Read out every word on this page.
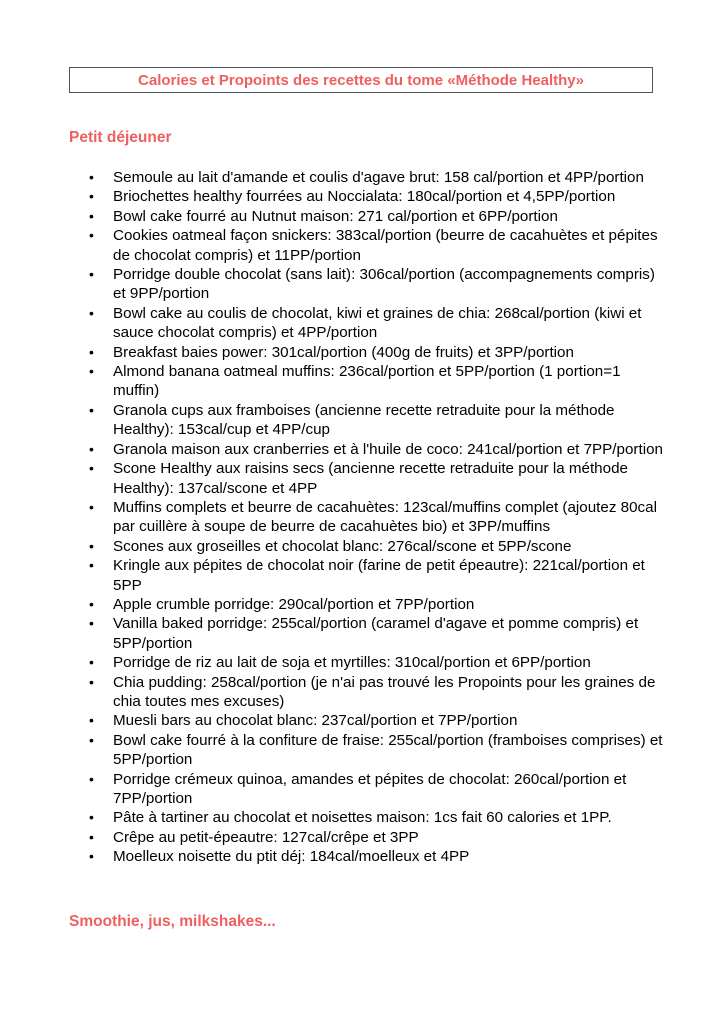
Calories et Propoints des recettes du tome «Méthode Healthy»
Petit déjeuner
• Semoule au lait d'amande et coulis d'agave brut: 158 cal/portion et 4PP/portion
• Briochettes healthy fourrées au Noccialata: 180cal/portion et 4,5PP/portion
• Bowl cake fourré au Nutnut maison: 271 cal/portion et 6PP/portion
• Cookies oatmeal façon snickers: 383cal/portion (beurre de cacahuètes et pépites de chocolat compris) et 11PP/portion
• Porridge double chocolat (sans lait): 306cal/portion (accompagnements compris) et 9PP/portion
• Bowl cake au coulis de chocolat, kiwi et graines de chia: 268cal/portion (kiwi et sauce chocolat compris) et 4PP/portion
• Breakfast baies power: 301cal/portion (400g de fruits) et 3PP/portion
• Almond banana oatmeal muffins: 236cal/portion et 5PP/portion (1 portion=1 muffin)
• Granola cups aux framboises (ancienne recette retraduite pour la méthode Healthy): 153cal/cup et 4PP/cup
• Granola maison aux cranberries et à l'huile de coco: 241cal/portion et 7PP/portion
• Scone Healthy aux raisins secs (ancienne recette retraduite pour la méthode Healthy): 137cal/scone et 4PP
• Muffins complets et beurre de cacahuètes: 123cal/muffins complet (ajoutez 80cal par cuillère à soupe de beurre de cacahuètes bio) et 3PP/muffins
• Scones aux groseilles et chocolat blanc: 276cal/scone et 5PP/scone
• Kringle aux pépites de chocolat noir (farine de petit épeautre): 221cal/portion et 5PP
• Apple crumble porridge: 290cal/portion et 7PP/portion
• Vanilla baked porridge: 255cal/portion (caramel d'agave et pomme compris) et 5PP/portion
• Porridge de riz au lait de soja et myrtilles: 310cal/portion et 6PP/portion
• Chia pudding: 258cal/portion (je n'ai pas trouvé les Propoints pour les graines de chia toutes mes excuses)
• Muesli bars au chocolat blanc: 237cal/portion et 7PP/portion
• Bowl cake fourré à la confiture de fraise: 255cal/portion (framboises comprises) et 5PP/portion
• Porridge crémeux quinoa, amandes et pépites de chocolat: 260cal/portion et 7PP/portion
• Pâte à tartiner au chocolat et noisettes maison: 1cs fait 60 calories et 1PP.
• Crêpe au petit-épeautre: 127cal/crêpe et 3PP
• Moelleux noisette du ptit déj: 184cal/moelleux et 4PP
Smoothie, jus, milkshakes...
